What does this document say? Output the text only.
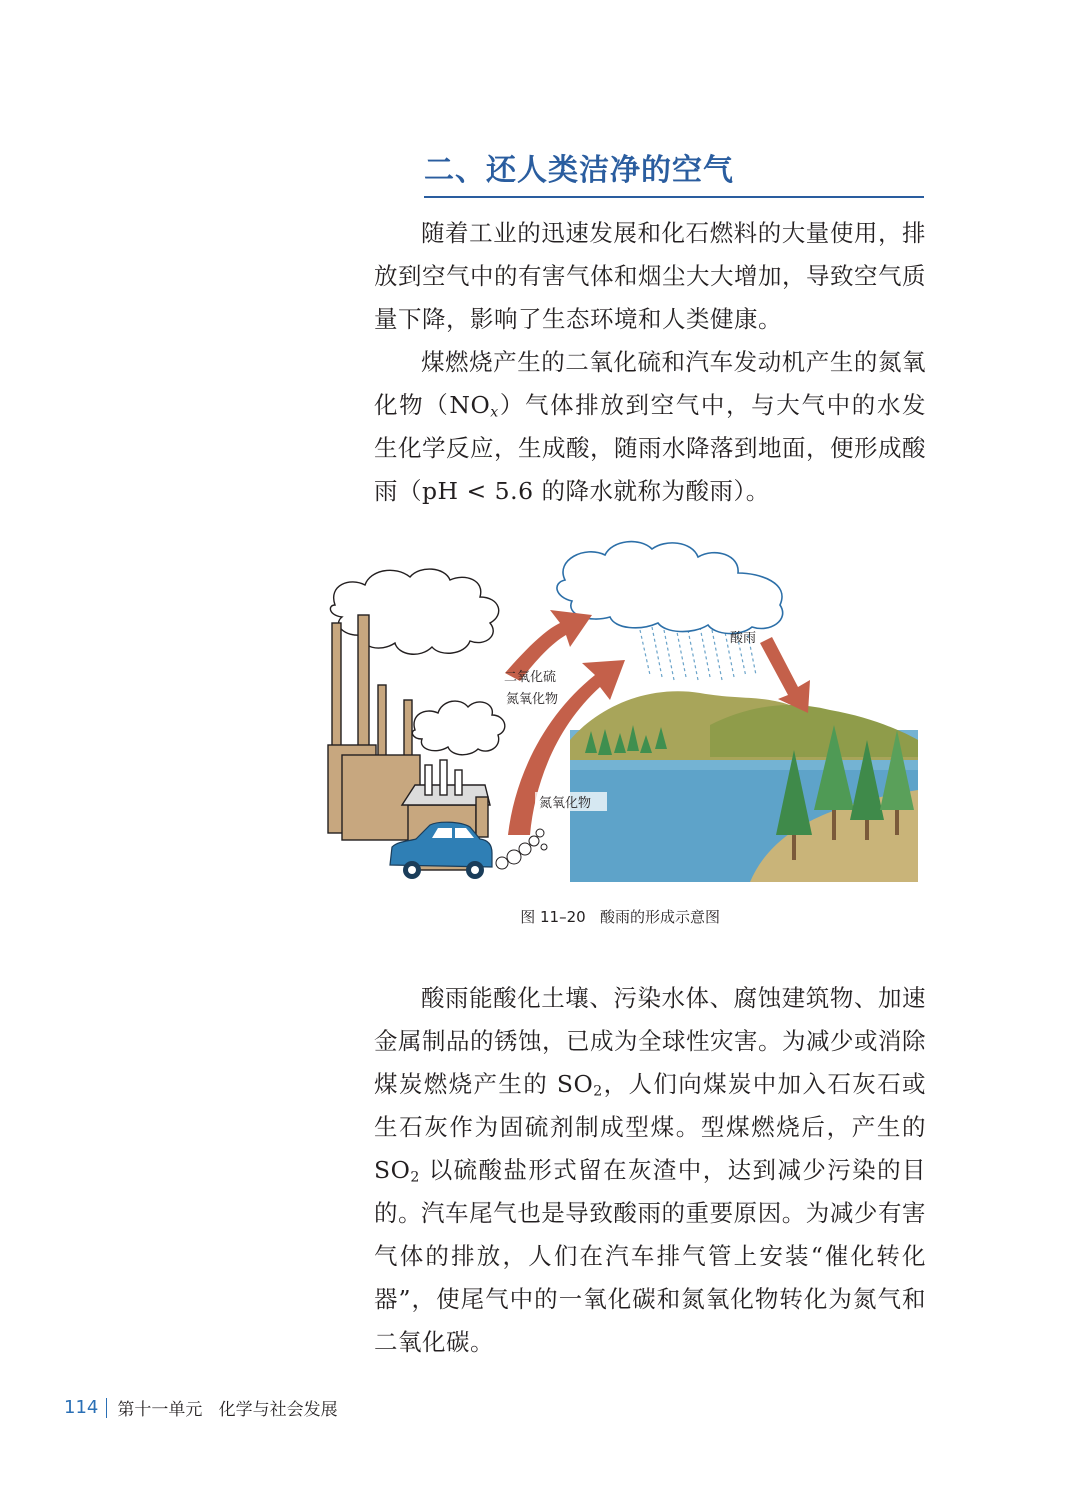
二、还人类洁净的空气

随着工业的迅速发展和化石燃料的大量使用，排放到空气中的有害气体和烟尘大大增加，导致空气质量下降，影响了生态环境和人类健康。

煤燃烧产生的二氧化硫和汽车发动机产生的氮氧化物$(NO_x)$气体排放到空气中，与大气中的水发生化学反应，生成酸，随雨水降落到地面，便形成酸雨（pH < 5.6 的降水就称为酸雨）。

酸雨
二氧化硫
氮氧化物
氮氧化物
图 11–20   酸雨的形成示意图

酸雨能酸化土壤、污染水体、腐蚀建筑物、加速金属制品的锈蚀，已成为全球性灾害。为减少或消除煤炭燃烧产生的 $SO_2$，人们向煤炭中加入石灰石或生石灰作为固硫剂制成型煤。型煤燃烧后，产生的 $SO_2$ 以硫酸盐形式留在灰渣中，达到减少污染的目的。 汽车尾气也是导致酸雨的重要原因。为减少有害气体的排放，人们在汽车排气管上安装“催化转化器”，使尾气中的一氧化碳和氮氧化物转化为氮气和二氧化碳。

114 第十一单元   化学与社会发展
